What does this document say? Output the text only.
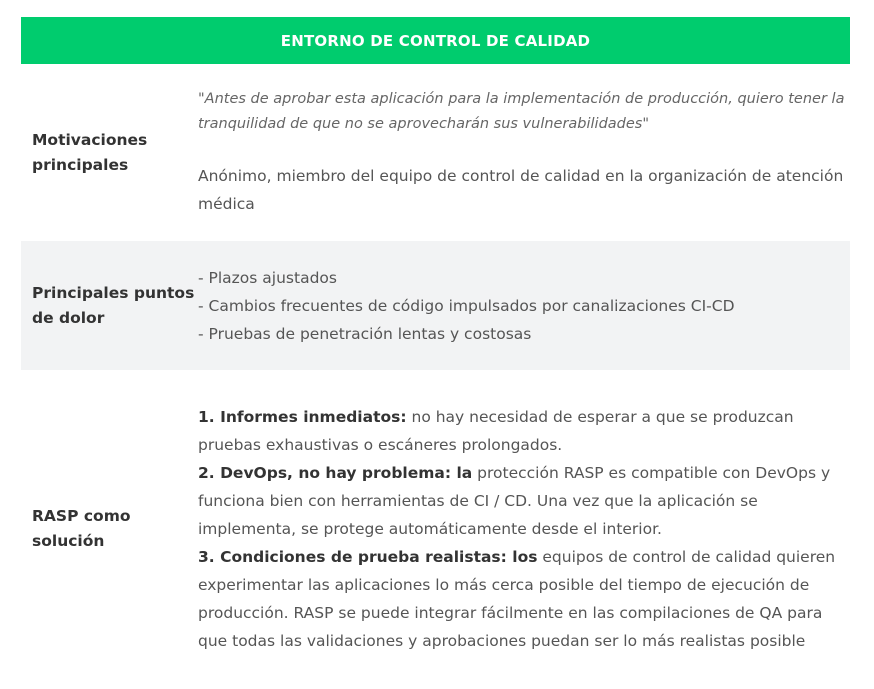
ENTORNO DE CONTROL DE CALIDAD
Motivaciones principales

"Antes de aprobar esta aplicación para la implementación de producción, quiero tener la tranquilidad de que no se aprovecharán sus vulnerabilidades"

Anónimo, miembro del equipo de control de calidad en la organización de atención médica
Principales puntos de dolor
- Plazos ajustados
- Cambios frecuentes de código impulsados por canalizaciones CI-CD
- Pruebas de penetración lentas y costosas
RASP como solución

1. Informes inmediatos: no hay necesidad de esperar a que se produzcan pruebas exhaustivas o escáneres prolongados.

2. DevOps, no hay problema: la protección RASP es compatible con DevOps y funciona bien con herramientas de CI / CD. Una vez que la aplicación se implementa, se protege automáticamente desde el interior.

3. Condiciones de prueba realistas: los equipos de control de calidad quieren experimentar las aplicaciones lo más cerca posible del tiempo de ejecución de producción. RASP se puede integrar fácilmente en las compilaciones de QA para que todas las validaciones y aprobaciones puedan ser lo más realistas posible
